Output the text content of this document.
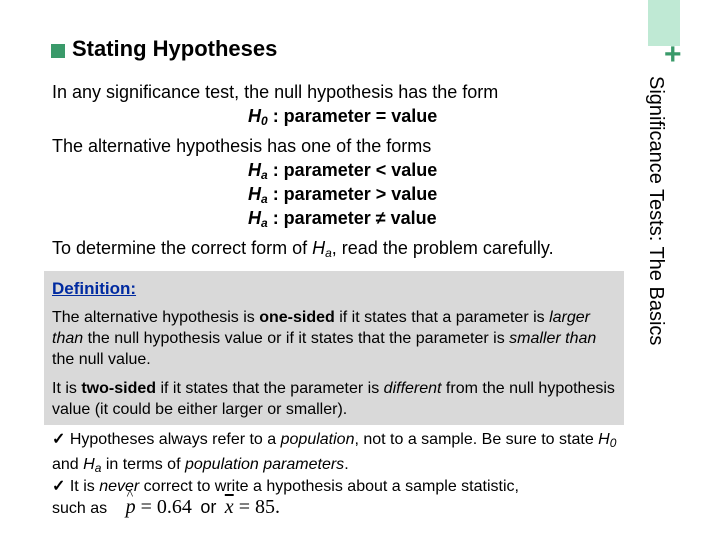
+
Significance Tests: The Basics
Stating Hypotheses
In any significance test, the null hypothesis has the form
$H_0$ : parameter = value
The alternative hypothesis has one of the forms
$H_a$ : parameter < value
$H_a$ : parameter > value
$H_a$ : parameter ≠ value
To determine the correct form of $H_a$, read the problem carefully.
Definition:
The alternative hypothesis is one-sided if it states that a parameter is larger than the null hypothesis value or if it states that the parameter is smaller than the null value.
It is two-sided if it states that the parameter is different from the null hypothesis value (it could be either larger or smaller).
✓ Hypotheses always refer to a population, not to a sample. Be sure to state $H_0$ and $H_a$ in terms of population parameters.
✓ It is never correct to write a hypothesis about a sample statistic,
such as ^ p = 0.64 or $\overline{x} = 85$.
